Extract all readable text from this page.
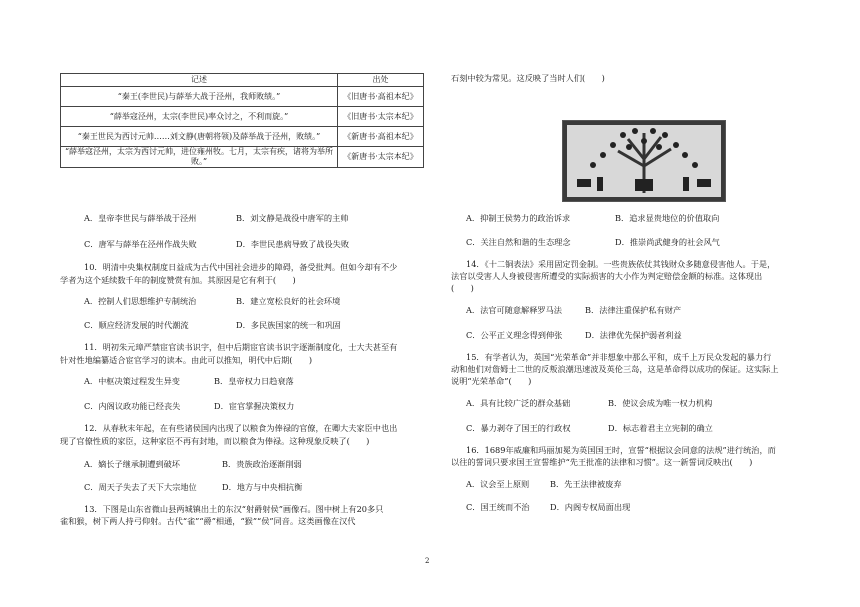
记述	出处
“秦王(李世民)与薛举大战于泾州，我师败绩。”	《旧唐书·高祖本纪》
“薛举寇泾州，太宗(李世民)率众讨之，不利而旋。”	《旧唐书·太宗本纪》
“秦王世民为西讨元帅……刘文静(唐朝将领)及薛举战于泾州，败绩。”	《新唐书·高祖本纪》
“薛举寇泾州，太宗为西讨元帅，进位雍州牧。七月，太宗有疾，诸将为举所败。”	《新唐书·太宗本纪》
A．皇帝李世民与薛举战于泾州	B．刘文静是战役中唐军的主帅
C．唐军与薛举在泾州作战失败	D．李世民患病导致了战役失败
10．明清中央集权制度日益成为古代中国社会进步的障碍，备受批判。但如今却有不少
学者为这个延续数千年的制度赞赏有加。其原因是它有利于(　　)
A．控制人们思想维护专制统治	B．建立宽松良好的社会环境
C．顺应经济发展的时代潮流	D．多民族国家的统一和巩固
11．明初朱元璋严禁宦官读书识字，但中后期宦官读书识字逐渐制度化，士大夫甚至有
针对性地编纂适合宦官学习的读本。由此可以推知，明代中后期(　　)
A．中枢决策过程发生异变	B．皇帝权力日趋衰落
C．内阁议政功能已经丧失	D．宦官掌握决策权力
12．从春秋末年起，在有些诸侯国内出现了以粮食为俸禄的官僚，在卿大夫家臣中也出
现了官僚性质的家臣，这种家臣不再有封地，而以粮食为俸禄。这种现象反映了(　　)
A．嫡长子继承制遭到破坏	B．贵族政治逐渐削弱
C．周天子失去了天下大宗地位	D．地方与中央相抗衡
13．下图是山东省微山县两城镇出土的东汉“射爵射侯”画像石。图中树上有20多只
雀和猴，树下两人持弓仰射。古代“雀”“爵”相通，“猴”“侯”同音。这类画像在汉代
石刻中较为常见。这反映了当时人们(　　)
A．抑制王侯势力的政治诉求	B．追求显贵地位的价值取向
C．关注自然和谐的生态理念	D．推崇尚武健身的社会风气
14．《十二铜表法》采用固定罚金制。一些贵族依仗其钱财众多随意侵害他人。于是，
法官以受害人人身被侵害所遭受的实际损害的大小作为判定赔偿金额的标准。这体现出
(　　)
A．法官可随意解释罗马法	B．法律注重保护私有财产
C．公平正义理念得到伸张	D．法律优先保护弱者利益
15．有学者认为，英国“光荣革命”并非想象中那么平和，成千上万民众发起的暴力行
动和他们对詹姆士二世的反叛浪潮迅速波及英伦三岛，这是革命得以成功的保证。这实际上
说明“光荣革命”(　　)
A．具有比较广泛的群众基础	B．使议会成为唯一权力机构
C．暴力剥夺了国王的行政权	D．标志着君主立宪制的确立
16．1689年威廉和玛丽加冕为英国国王时，宣誓“根据议会同意的法规”进行统治，而
以往的誓词只要求国王宣誓维护“先王批准的法律和习惯”。这一新誓词反映出(　　)
A．议会至上原则	B．先王法律被废弃
C．国王统而不治 D．内阁专权局面出现
2
